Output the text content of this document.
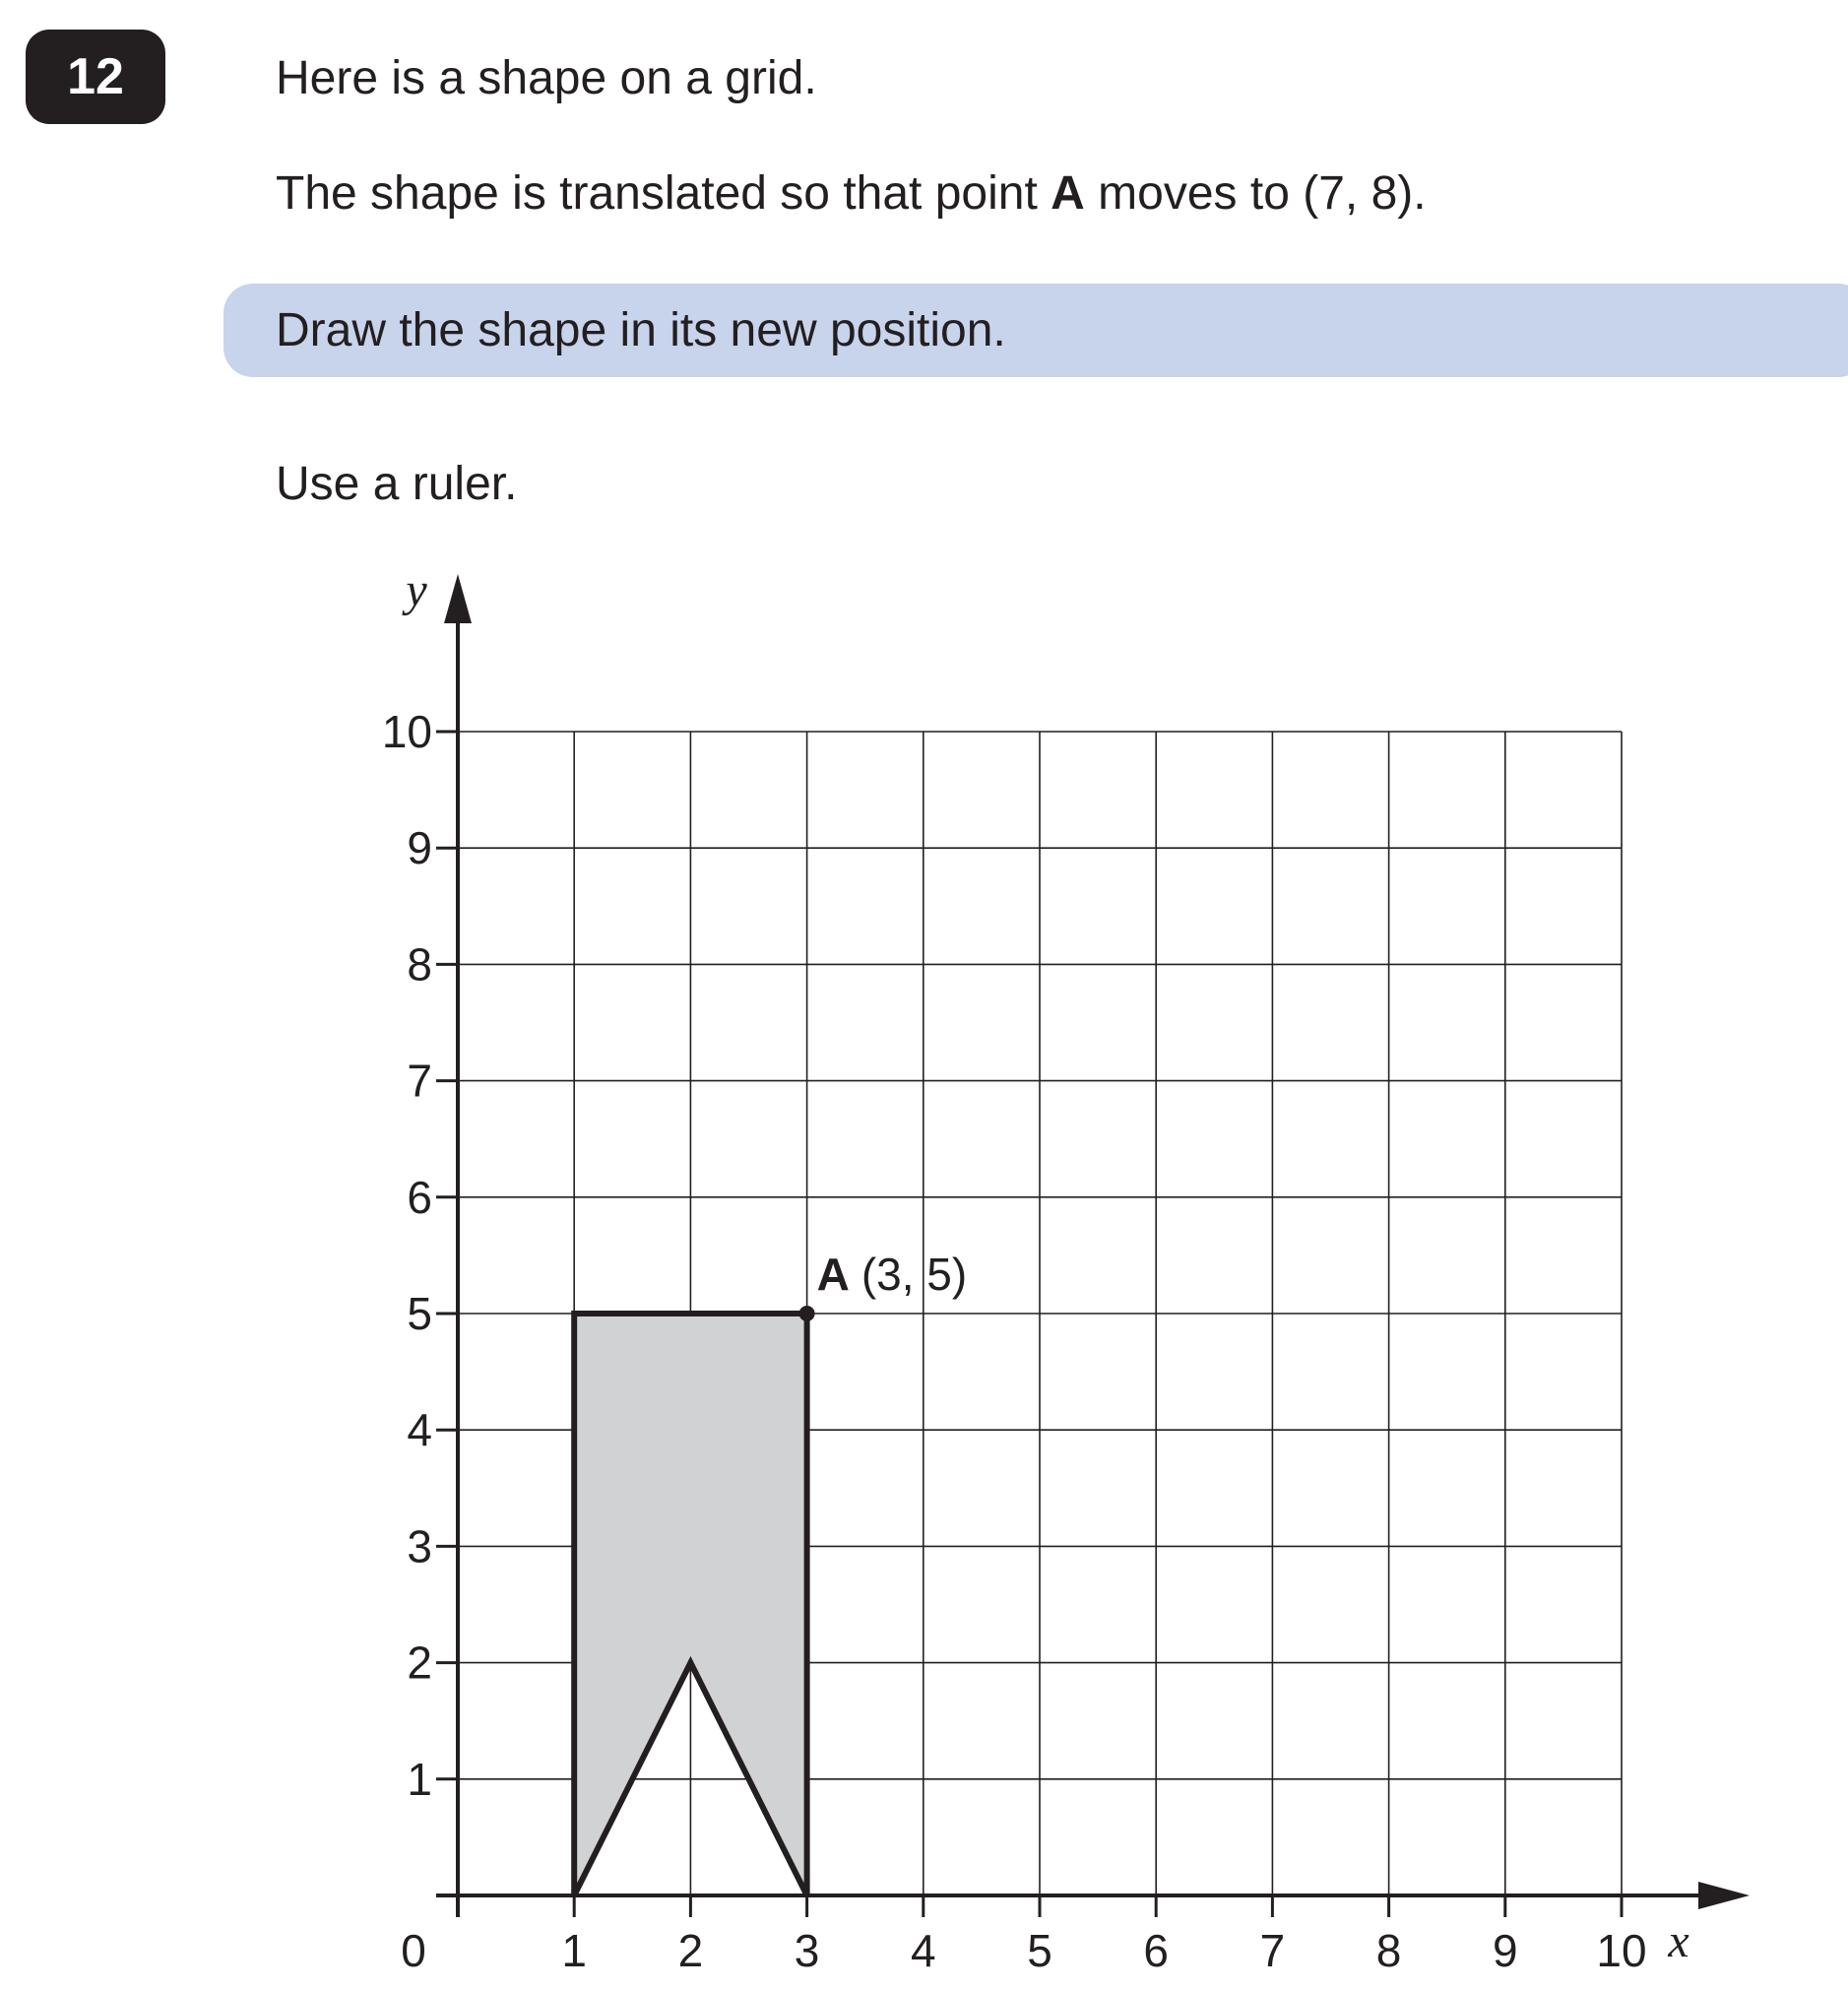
12	Here is a shape on a grid.
The shape is translated so that point A moves to (7, 8).
Draw the shape in its new position.
Use a ruler.
1 2 3 4 5 6 7 8 9 10
1
2
3
4
5
6
7
8
9
10
0	x
y
A (3, 5)
